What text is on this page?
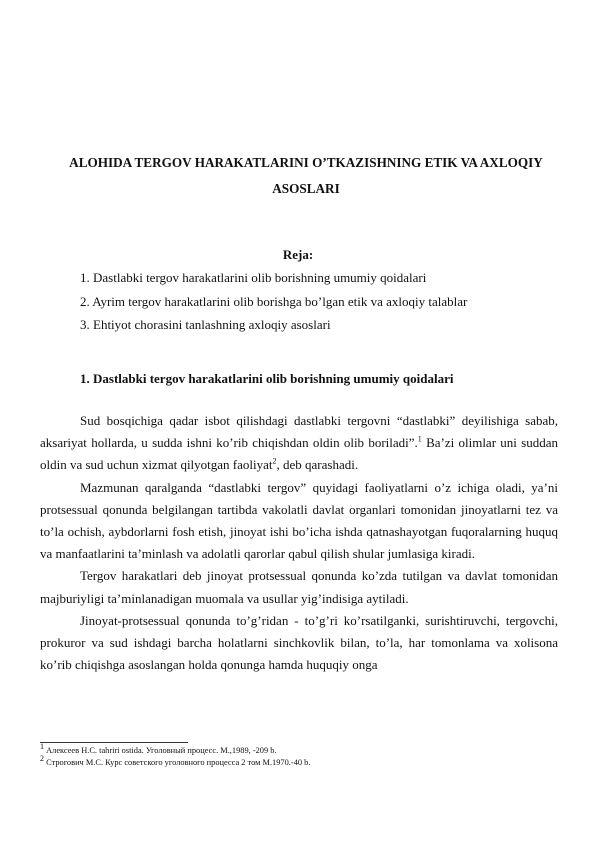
ALOHIDA TERGOV HARAKATLARINI O’TKAZISHNING ETIK VA AXLOQIY
ASOSLARI
Reja:
1. Dastlabki tergov harakatlarini olib borishning umumiy qoidalari
2. Ayrim tergov harakatlarini olib borishga bo’lgan etik va axloqiy talablar
3. Ehtiyot chorasini tanlashning axloqiy asoslari
1. Dastlabki tergov harakatlarini olib borishning umumiy qoidalari

Sud bosqichiga qadar isbot qilishdagi dastlabki tergovni “dastlabki” deyilishiga sabab, aksariyat hollarda, u sudda ishni ko’rib chiqishdan oldin olib boriladi”.$^1$ Ba’zi olimlar uni suddan oldin va sud uchun xizmat qilyotgan faoliyat$^2$, deb qarashadi.

Mazmunan qaralganda “dastlabki tergov” quyidagi faoliyatlarni o’z ichiga oladi, ya’ni protsessual qonunda belgilangan tartibda vakolatli davlat organlari tomonidan jinoyatlarni tez va to’la ochish, aybdorlarni fosh etish, jinoyat ishi bo’icha ishda qatnashayotgan fuqoralarning huquq va manfaatlarini ta’minlash va adolatli qarorlar qabul qilish shular jumlasiga kiradi.

Tergov harakatlari deb jinoyat protsessual qonunda ko’zda tutilgan va davlat tomonidan majburiyligi ta’minlanadigan muomala va usullar yig’indisiga aytiladi.

Jinoyat-protsessual qonunda to’g’ridan - to’g’ri ko’rsatilganki, surishtiruvchi, tergovchi, prokuror va sud ishdagi barcha holatlarni sinchkovlik bilan, to’la, har tomonlama va xolisona ko’rib chiqishga asoslangan holda qonunga hamda huquqiy onga

$^1$ Алексеев Н.С. tahriri ostida. Уголовный процесс. М.,1989, -209 b.
$^2$ Строгович М.С. Курс советского уголовного процесса 2 том М.1970.-40 b.
